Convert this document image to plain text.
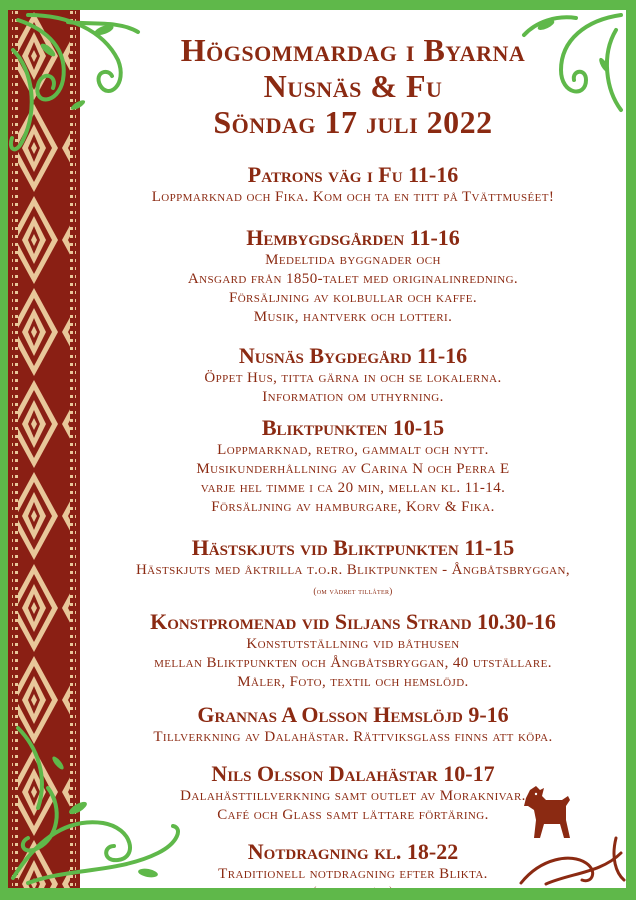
Högsommardag i Byarna
Nusnäs & Fu
Söndag 17 juli 2022
Patrons väg i Fu 11-16

Loppmarknad och Fika. Kom och ta en titt på Tvättmuséet!

Hembygdsgården 11-16

Medeltida byggnader och

Ansgard från 1850-talet med originalinredning.

Försäljning av kolbullar och kaffe.

Musik, hantverk och lotteri.

Nusnäs Bygdegård 11-16

Öppet Hus, titta gärna in och se lokalerna.

Information om uthyrning.

Bliktpunkten 10-15

Loppmarknad, retro, gammalt och nytt.

Musikunderhållning av Carina N och Perra E

varje hel timme i ca 20 min, mellan kl. 11-14.

Försäljning av hamburgare, Korv & Fika.

Hästskjuts vid Bliktpunkten 11-15

Hästskjuts med åktrilla t.o.r. Bliktpunkten - Ångbåtsbryggan,

(om vädret tillåter)

Konstpromenad vid Siljans Strand 10.30-16

Konstutställning vid båthusen

mellan Bliktpunkten och Ångbåtsbryggan, 40 utställare.

Måler, Foto, textil och hemslöjd.

Grannas A Olsson Hemslöjd 9-16

Tillverkning av Dalahästar. Rättviksglass finns att köpa.

Nils Olsson Dalahästar 10-17

Dalahästtillverkning samt outlet av Moraknivar.

Café och Glass samt lättare förtäring.

Notdragning kl. 18-22

Traditionell notdragning efter Blikta.

(om vädret tillåter)
